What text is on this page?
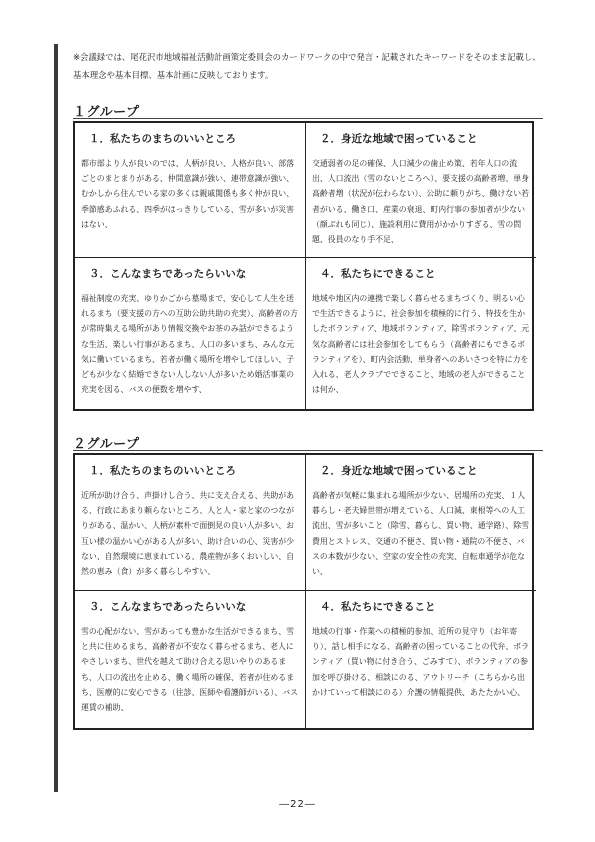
※会議録では、尾花沢市地域福祉活動計画策定委員会のカードワークの中で発言・記載されたキーワードをそのまま記載し、基本理念や基本目標、基本計画に反映しております。

１グループ
１．私たちのまちのいいところ

都市部より人が良いのでは、人柄が良い、人格が良い、部落ごとのまとまりがある、仲間意識が強い、連帯意識が強い、むかしから住んでいる家の多くは親戚関係も多く仲が良い、季節感あふれる、四季がはっきりしている、雪が多いが災害はない、

２．身近な地域で困っていること

交通弱者の足の確保、人口減少の歯止め策、若年人口の流出、人口流出（雪のないところへ）、要支援の高齢者増、単身高齢者増（状況が伝わらない）、公助に頼りがち、働けない若者がいる、働き口、産業の衰退、町内行事の参加者が少ない（顔ぶれも同じ）、施設利用に費用がかかりすぎる、雪の問題、役員のなり手不足、

３．こんなまちであったらいいな

福祉制度の充実、ゆりかごから墓場まで、安心して人生を送れるまち（要支援の方への互助公助共助の充実）、高齢者の方が常時集える場所があり情報交換やお茶のみ話ができるような生活、楽しい行事があるまち、人口の多いまち、みんな元気に働いているまち、若者が働く場所を増やしてほしい、子どもが少なく結婚できない人しない人が多いため婚活事業の充実を図る、バスの便数を増やす、

４．私たちにできること

地域や地区内の連携で楽しく暮らせるまちづくり、明るい心で生活できるように、社会参加を積極的に行う、特技を生かしたボランティア、地域ボランティア、除雪ボランティア、元気な高齢者には社会参加をしてもらう（高齢者にもできるボランティアを）、町内会活動、単身者へのあいさつを特に力を入れる、老人クラブでできること、地域の老人ができることは何か、

２グループ
１．私たちのまちのいいところ

近所が助け合う、声掛けし合う、共に支え合える、共助がある、行政にあまり頼らないところ、人と人・家と家のつながりがある、温かい、人柄が素朴で面倒見の良い人が多い、お互い様の温かい心がある人が多い、助け合いの心、災害が少ない、自然環境に恵まれている、農産物が多くおいしい、自然の恵み（食）が多く暮らしやすい、

２．身近な地域で困っていること

高齢者が気軽に集まれる場所が少ない、居場所の充実、１人暮らし・老夫婦世帯が増えている、人口減、東根等への人工流出、雪が多いこと（除雪、暮らし、買い物、通学路）、除雪費用とストレス、交通の不便さ、買い物・通院の不便さ、バスの本数が少ない、空家の安全性の充実、自転車通学が危ない、

３．こんなまちであったらいいな

雪の心配がない、雪があっても豊かな生活ができるまち、雪と共に住めるまち、高齢者が不安なく暮らせるまち、老人にやさしいまち、世代を越えて助け合える思いやりのあるまち、人口の流出を止める、働く場所の確保、若者が住めるまち、医療的に安心できる（往診、医師や看護師がいる）、バス運賃の補助、

４．私たちにできること

地域の行事・作業への積極的参加、近所の見守り（お年寄り）、話し相手になる、高齢者の困っていることの代弁、ボランティア（買い物に付き合う、ごみすて）、ボランティアの参加を呼び掛ける、相談にのる、アウトリーチ（こちらから出かけていって相談にのる）介護の情報提供、あたたかい心、

―22―
